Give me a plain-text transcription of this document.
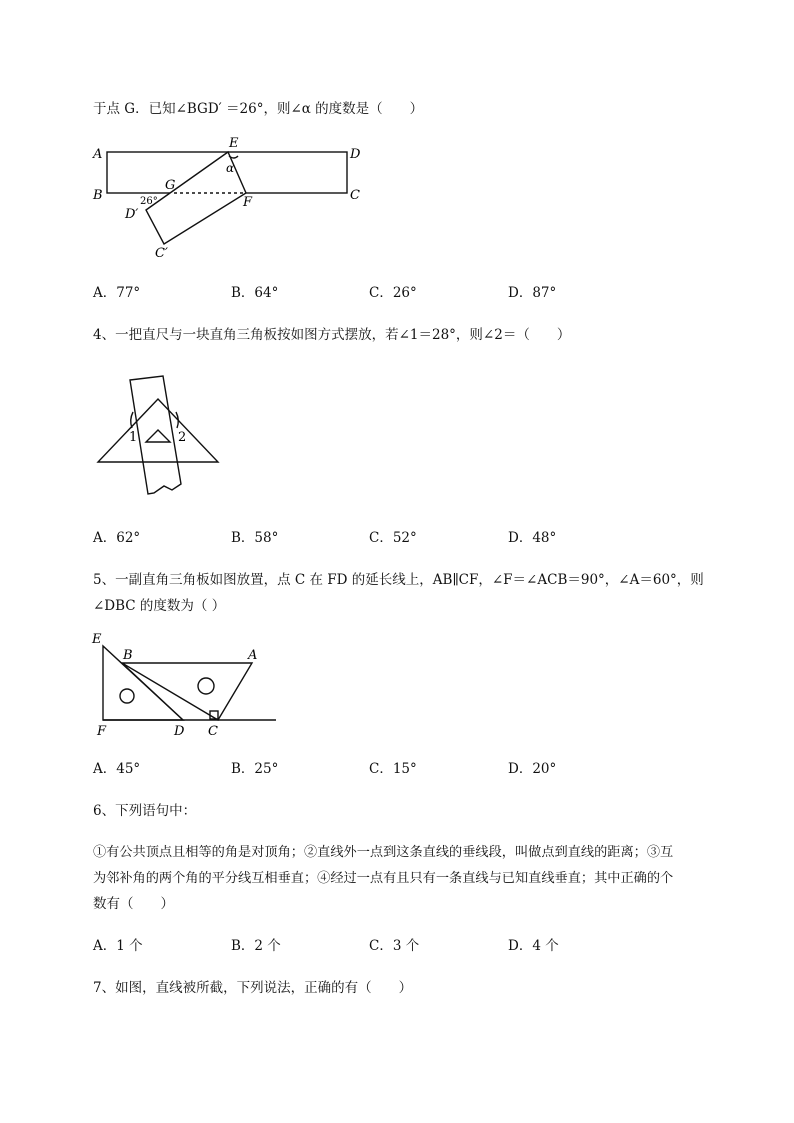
于点 G．已知∠BGD′ ＝26°，则∠α 的度数是（　　）
A
B
D
C
E
F
G
D′
C′
α
26°
A．77°	B．64°	C．26°	D．87°
4、一把直尺与一块直角三角板按如图方式摆放，若∠1＝28°，则∠2＝（　　）
1	2
A．62°	B．58°	C．52°	D．48°
5、一副直角三角板如图放置，点 C 在 FD 的延长线上，AB∥CF，∠F＝∠ACB＝90°，∠A＝60°，则
∠DBC 的度数为（ ）
E
B	A
F	D C
A．45°	B．25°	C．15°	D．20°
6、下列语句中：
①有公共顶点且相等的角是对顶角；②直线外一点到这条直线的垂线段，叫做点到直线的距离；③互
为邻补角的两个角的平分线互相垂直；④经过一点有且只有一条直线与已知直线垂直；其中正确的个
数有（　　）
A．1 个	B．2 个	C．3 个	D．4 个
7、如图，直线被所截，下列说法，正确的有（　　）
